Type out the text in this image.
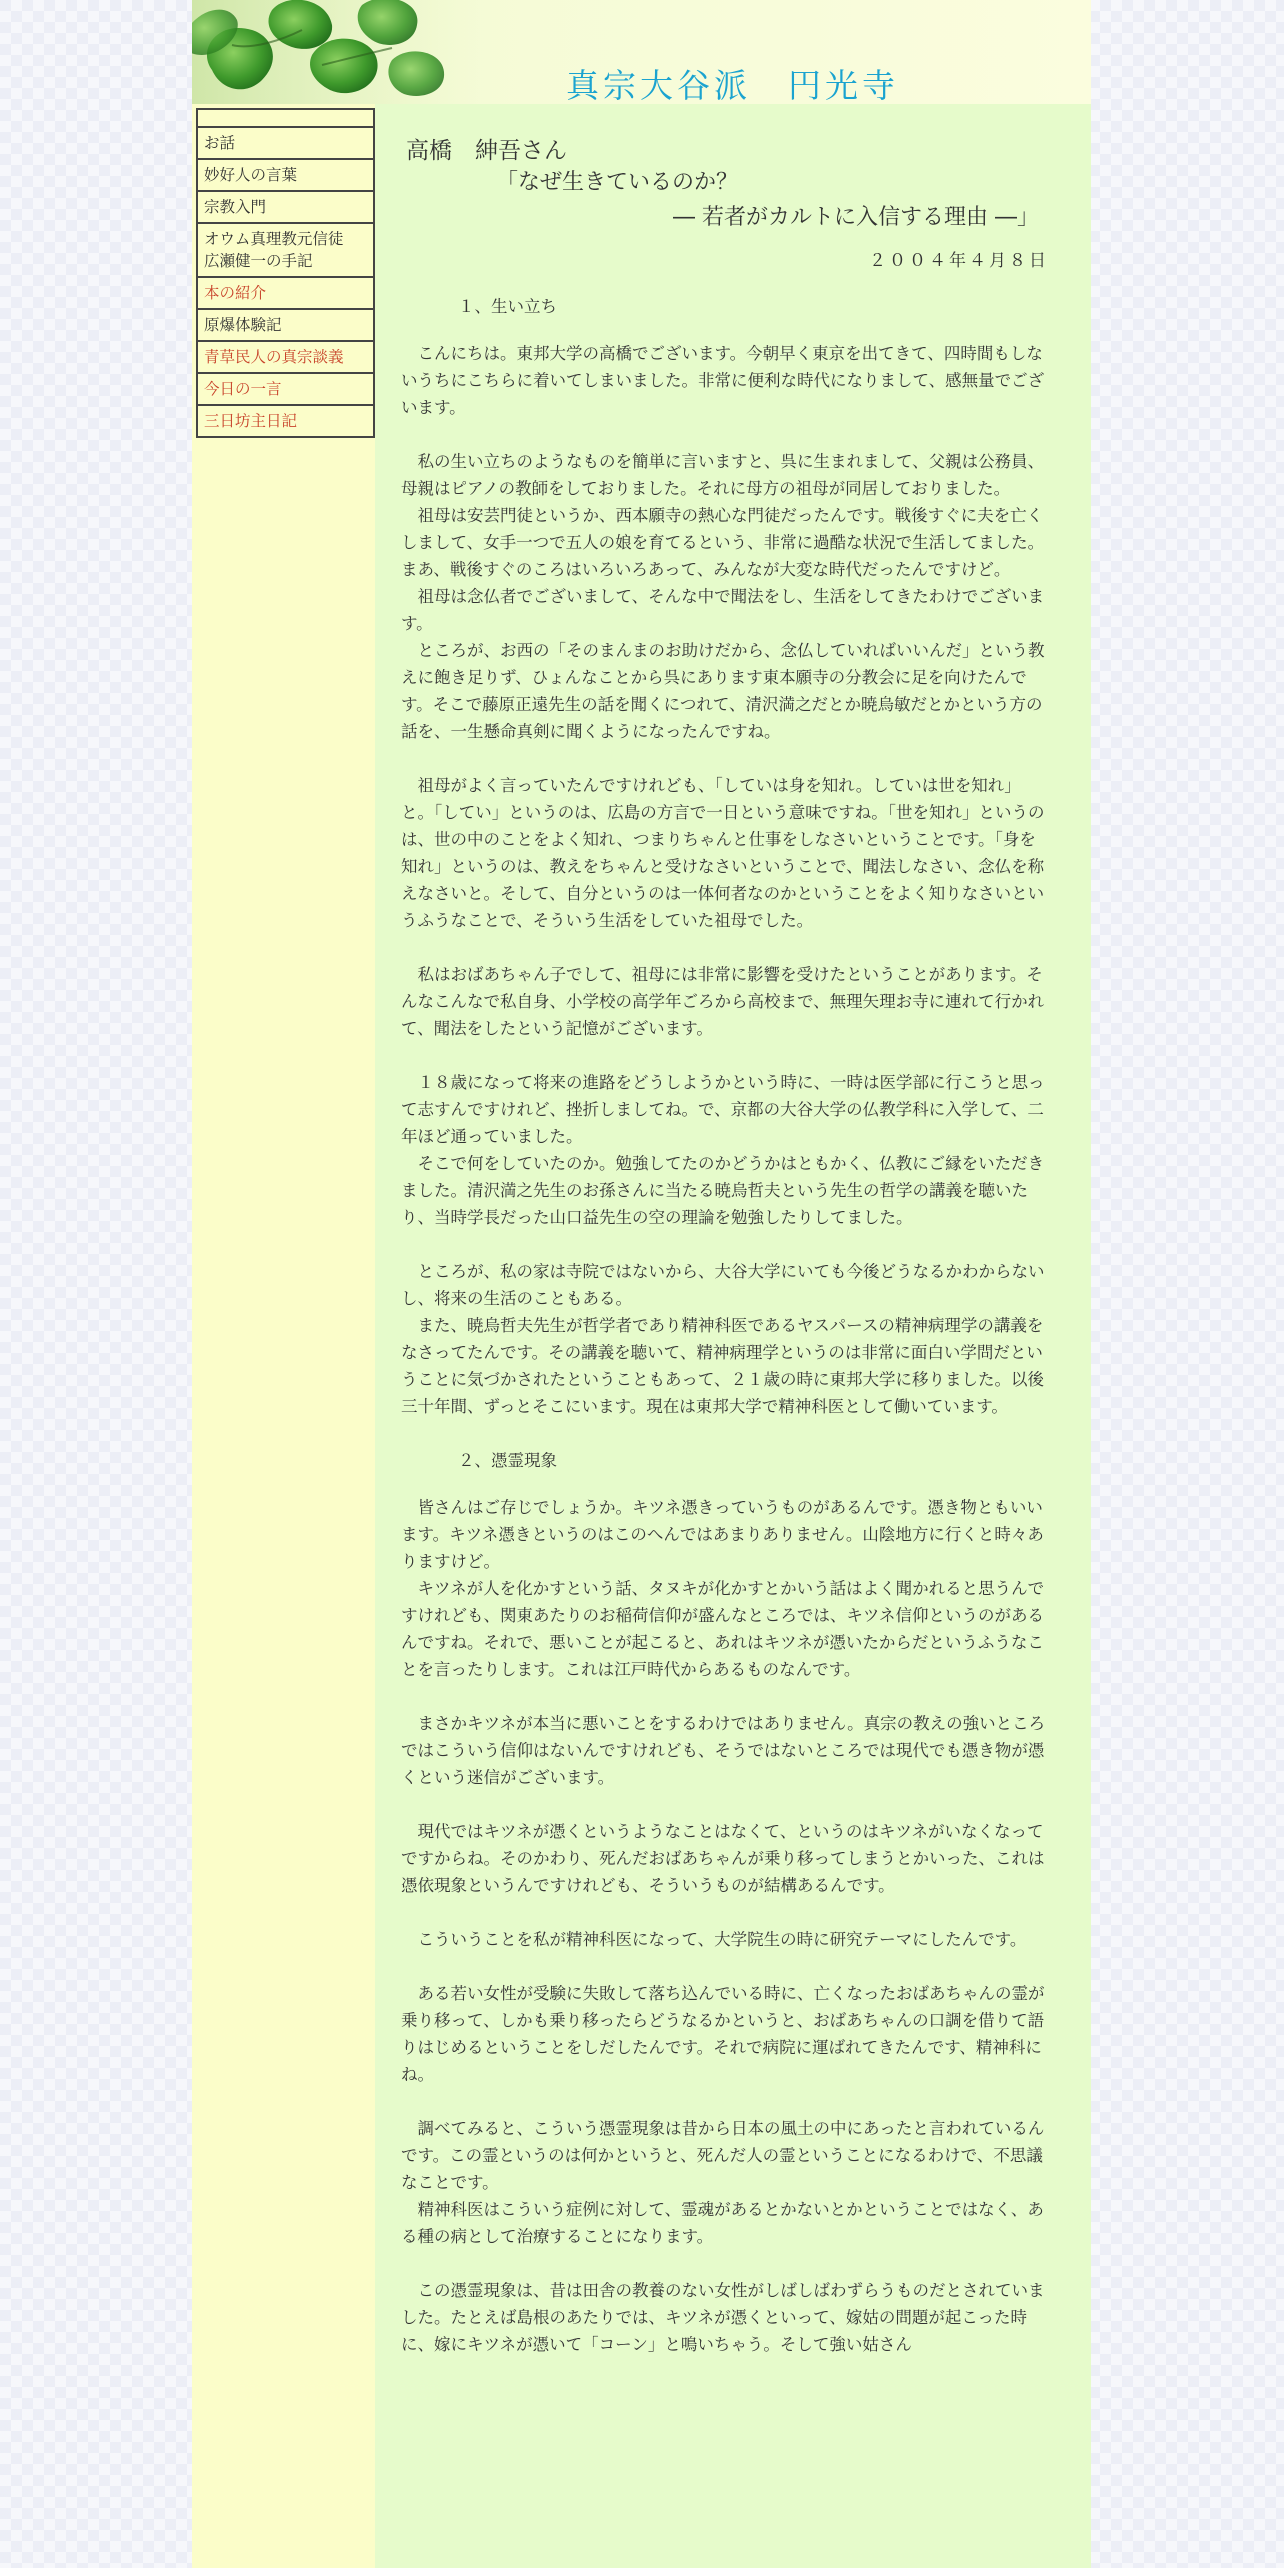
真宗大谷派　円光寺
お話
妙好人の言葉
宗教入門
オウム真理教元信徒
広瀬健一の手記
本の紹介
原爆体験記
青草民人の真宗談義
今日の一言
三日坊主日記
高橋　紳吾さん
「なぜ生きているのか？
― 若者がカルトに入信する理由 ―」
２００４年４月８日
１、生い立ち

こんにちは。東邦大学の高橋でございます。今朝早く東京を出てきて、四時間もしないうちにこちらに着いてしまいました。非常に便利な時代になりまして、感無量でございます。

私の生い立ちのようなものを簡単に言いますと、呉に生まれまして、父親は公務員、母親はピアノの教師をしておりました。それに母方の祖母が同居しておりました。

祖母は安芸門徒というか、西本願寺の熱心な門徒だったんです。戦後すぐに夫を亡くしまして、女手一つで五人の娘を育てるという、非常に過酷な状況で生活してました。まあ、戦後すぐのころはいろいろあって、みんなが大変な時代だったんですけど。

祖母は念仏者でございまして、そんな中で聞法をし、生活をしてきたわけでございます。

ところが、お西の「そのまんまのお助けだから、念仏していればいいんだ」という教えに飽き足りず、ひょんなことから呉にあります東本願寺の分教会に足を向けたんです。そこで藤原正遠先生の話を聞くにつれて、清沢満之だとか暁烏敏だとかという方の話を、一生懸命真剣に聞くようになったんですね。

祖母がよく言っていたんですけれども、「していは身を知れ。していは世を知れ」と。「してい」というのは、広島の方言で一日という意味ですね。「世を知れ」というのは、世の中のことをよく知れ、つまりちゃんと仕事をしなさいということです。「身を知れ」というのは、教えをちゃんと受けなさいということで、聞法しなさい、念仏を称えなさいと。そして、自分というのは一体何者なのかということをよく知りなさいというふうなことで、そういう生活をしていた祖母でした。

私はおばあちゃん子でして、祖母には非常に影響を受けたということがあります。そんなこんなで私自身、小学校の高学年ごろから高校まで、無理矢理お寺に連れて行かれて、聞法をしたという記憶がございます。

１８歳になって将来の進路をどうしようかという時に、一時は医学部に行こうと思って志すんですけれど、挫折しましてね。で、京都の大谷大学の仏教学科に入学して、二年ほど通っていました。

そこで何をしていたのか。勉強してたのかどうかはともかく、仏教にご縁をいただきました。清沢満之先生のお孫さんに当たる暁烏哲夫という先生の哲学の講義を聴いたり、当時学長だった山口益先生の空の理論を勉強したりしてました。

ところが、私の家は寺院ではないから、大谷大学にいても今後どうなるかわからないし、将来の生活のこともある。

また、暁烏哲夫先生が哲学者であり精神科医であるヤスパースの精神病理学の講義をなさってたんです。その講義を聴いて、精神病理学というのは非常に面白い学問だということに気づかされたということもあって、２１歳の時に東邦大学に移りました。以後三十年間、ずっとそこにいます。現在は東邦大学で精神科医として働いています。

２、憑霊現象

皆さんはご存じでしょうか。キツネ憑きっていうものがあるんです。憑き物ともいいます。キツネ憑きというのはこのへんではあまりありません。山陰地方に行くと時々ありますけど。

キツネが人を化かすという話、タヌキが化かすとかいう話はよく聞かれると思うんですけれども、関東あたりのお稲荷信仰が盛んなところでは、キツネ信仰というのがあるんですね。それで、悪いことが起こると、あれはキツネが憑いたからだというふうなことを言ったりします。これは江戸時代からあるものなんです。

まさかキツネが本当に悪いことをするわけではありません。真宗の教えの強いところではこういう信仰はないんですけれども、そうではないところでは現代でも憑き物が憑くという迷信がございます。

現代ではキツネが憑くというようなことはなくて、というのはキツネがいなくなってですからね。そのかわり、死んだおばあちゃんが乗り移ってしまうとかいった、これは憑依現象というんですけれども、そういうものが結構あるんです。

こういうことを私が精神科医になって、大学院生の時に研究テーマにしたんです。

ある若い女性が受験に失敗して落ち込んでいる時に、亡くなったおばあちゃんの霊が乗り移って、しかも乗り移ったらどうなるかというと、おばあちゃんの口調を借りて語りはじめるということをしだしたんです。それで病院に運ばれてきたんです、精神科にね。

調べてみると、こういう憑霊現象は昔から日本の風土の中にあったと言われているんです。この霊というのは何かというと、死んだ人の霊ということになるわけで、不思議なことです。

精神科医はこういう症例に対して、霊魂があるとかないとかということではなく、ある種の病として治療することになります。

この憑霊現象は、昔は田舎の教養のない女性がしばしばわずらうものだとされていました。たとえば島根のあたりでは、キツネが憑くといって、嫁姑の問題が起こった時に、嫁にキツネが憑いて「コーン」と鳴いちゃう。そして強い姑さん
